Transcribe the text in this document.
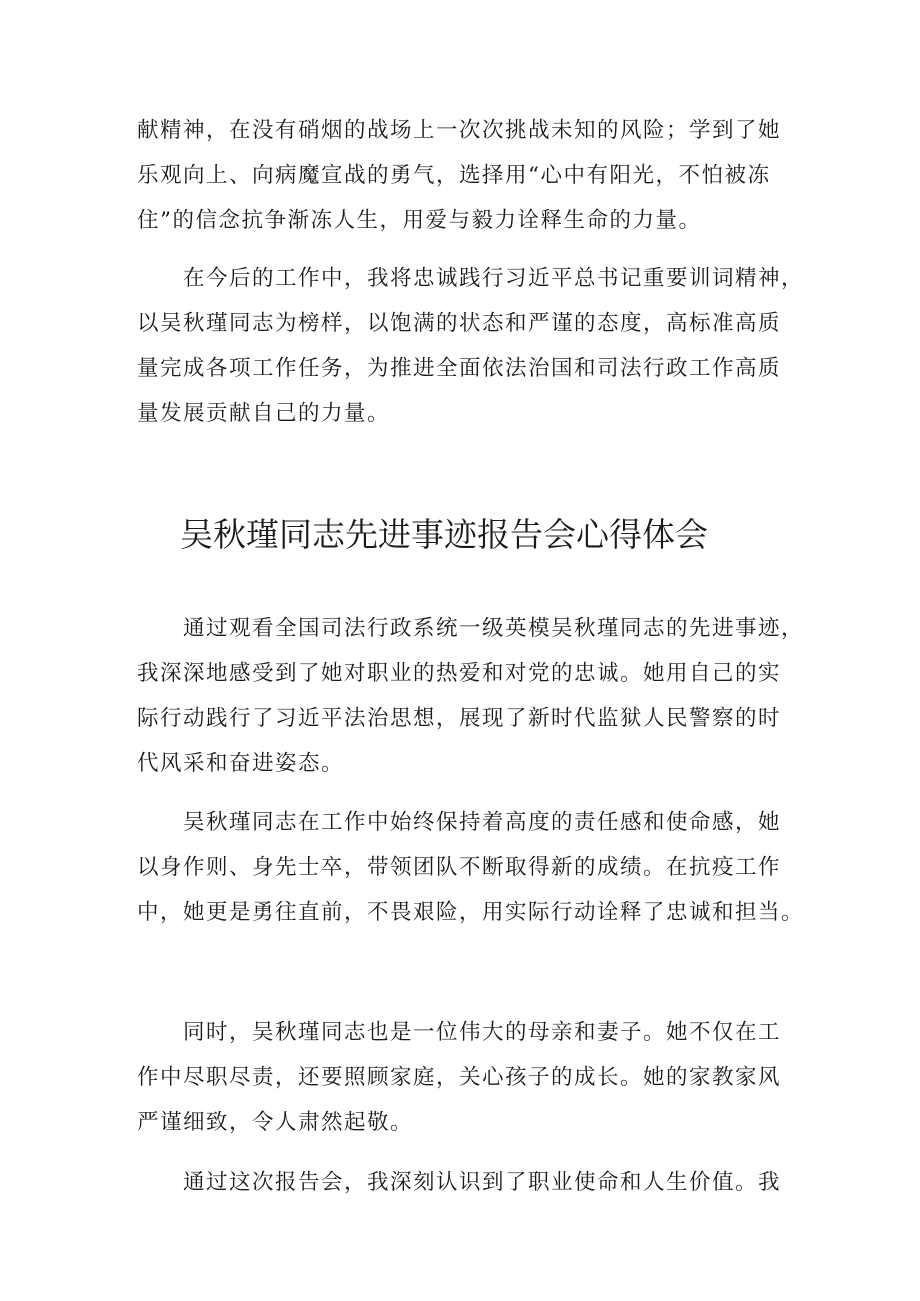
献精神，在没有硝烟的战场上一次次挑战未知的风险；学到了她
乐观向上、向病魔宣战的勇气，选择用“心中有阳光，不怕被冻
住”的信念抗争渐冻人生，用爱与毅力诠释生命的力量。

在今后的工作中，我将忠诚践行习近平总书记重要训词精神，
以吴秋瑾同志为榜样，以饱满的状态和严谨的态度，高标准高质
量完成各项工作任务，为推进全面依法治国和司法行政工作高质
量发展贡献自己的力量。

吴秋瑾同志先进事迹报告会心得体会

通过观看全国司法行政系统一级英模吴秋瑾同志的先进事迹，
我深深地感受到了她对职业的热爱和对党的忠诚。她用自己的实
际行动践行了习近平法治思想，展现了新时代监狱人民警察的时
代风采和奋进姿态。

吴秋瑾同志在工作中始终保持着高度的责任感和使命感，她
以身作则、身先士卒，带领团队不断取得新的成绩。在抗疫工作
中，她更是勇往直前，不畏艰险，用实际行动诠释了忠诚和担当。

同时，吴秋瑾同志也是一位伟大的母亲和妻子。她不仅在工
作中尽职尽责，还要照顾家庭，关心孩子的成长。她的家教家风
严谨细致，令人肃然起敬。

通过这次报告会，我深刻认识到了职业使命和人生价值。我
